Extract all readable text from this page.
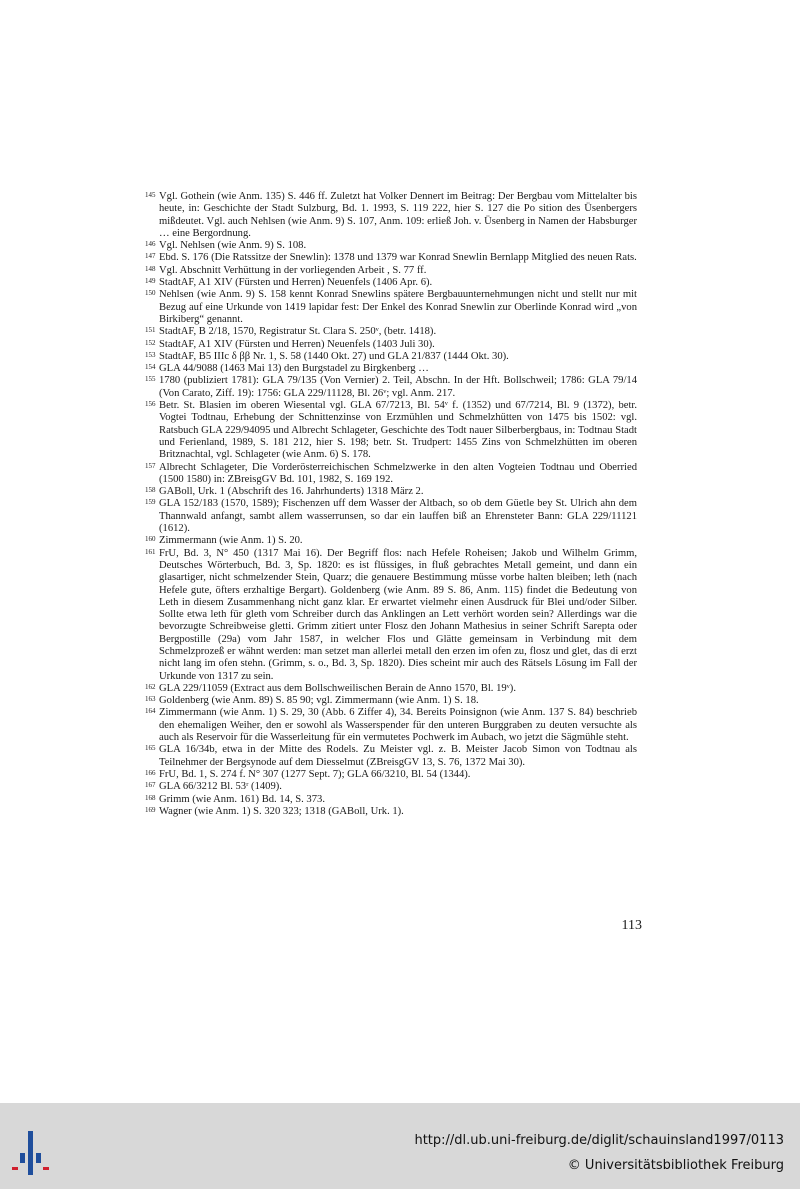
145 Vgl. Gothein (wie Anm. 135) S. 446 ff. Zuletzt hat Volker Dennert im Beitrag: Der Bergbau vom Mittelalter bis heute, in: Geschichte der Stadt Sulzburg, Bd. 1. 1993, S. 119 222, hier S. 127 die Po sition des Üsenbergers mißdeutet. Vgl. auch Nehlsen (wie Anm. 9) S. 107, Anm. 109: erließ Joh. v. Üsenberg in Namen der Habsburger … eine Bergordnung.

146 Vgl. Nehlsen (wie Anm. 9) S. 108.

147 Ebd. S. 176 (Die Ratssitze der Snewlin): 1378 und 1379 war Konrad Snewlin Bernlapp Mitglied des neuen Rats.

148 Vgl. Abschnitt Verhüttung in der vorliegenden Arbeit , S. 77 ff.

149 StadtAF, A1 XIV (Fürsten und Herren) Neuenfels (1406 Apr. 6).

150 Nehlsen (wie Anm. 9) S. 158 kennt Konrad Snewlins spätere Bergbauunternehmungen nicht und stellt nur mit Bezug auf eine Urkunde von 1419 lapidar fest: Der Enkel des Konrad Snewlin zur Oberlinde Konrad wird „von Birkiberg“ genannt.

151 StadtAF, B 2/18, 1570, Registratur St. Clara S. 250ᵛ, (betr. 1418).

152 StadtAF, A1 XIV (Fürsten und Herren) Neuenfels (1403 Juli 30).

153 StadtAF, B5 IIIc δ ββ Nr. 1, S. 58 (1440 Okt. 27) und GLA 21/837 (1444 Okt. 30).

154 GLA 44/9088 (1463 Mai 13) den Burgstadel zu Birgkenberg …

155 1780 (publiziert 1781): GLA 79/135 (Von Vernier) 2. Teil, Abschn. In der Hft. Bollschweil; 1786: GLA 79/14 (Von Carato, Ziff. 19): 1756: GLA 229/11128, Bl. 26ᵛ; vgl. Anm. 217.

156 Betr. St. Blasien im oberen Wiesental vgl. GLA 67/7213, Bl. 54ᵛ f. (1352) und 67/7214, Bl. 9 (1372), betr. Vogtei Todtnau, Erhebung der Schnittenzinse von Erzmühlen und Schmelzhütten von 1475 bis 1502: vgl. Ratsbuch GLA 229/94095 und Albrecht Schlageter, Geschichte des Todt nauer Silberbergbaus, in: Todtnau Stadt und Ferienland, 1989, S. 181 212, hier S. 198; betr. St. Trudpert: 1455 Zins von Schmelzhütten im oberen Britznachtal, vgl. Schlageter (wie Anm. 6) S. 178.

157 Albrecht Schlageter, Die Vorderösterreichischen Schmelzwerke in den alten Vogteien Todtnau und Oberried (1500 1580) in: ZBreisgGV Bd. 101, 1982, S. 169 192.

158 GABoll, Urk. 1 (Abschrift des 16. Jahrhunderts) 1318 März 2.

159 GLA 152/183 (1570, 1589); Fischenzen uff dem Wasser der Altbach, so ob dem Güetle bey St. Ulrich ahn dem Thannwald anfangt, sambt allem wasserrunsen, so dar ein lauffen biß an Ehrensteter Bann: GLA 229/11121 (1612).

160 Zimmermann (wie Anm. 1) S. 20.

161 FrU, Bd. 3, N° 450 (1317 Mai 16). Der Begriff flos: nach Hefele Roheisen; Jakob und Wilhelm Grimm, Deutsches Wörterbuch, Bd. 3, Sp. 1820: es ist flüssiges, in fluß gebrachtes Metall gemeint, und dann ein glasartiger, nicht schmelzender Stein, Quarz; die genauere Bestimmung müsse vorbe halten bleiben; leth (nach Hefele gute, öfters erzhaltige Bergart). Goldenberg (wie Anm. 89 S. 86, Anm. 115) findet die Bedeutung von Leth in diesem Zusammenhang nicht ganz klar. Er erwartet vielmehr einen Ausdruck für Blei und/oder Silber. Sollte etwa leth für gleth vom Schreiber durch das Anklingen an Lett verhört worden sein? Allerdings war die bevorzugte Schreibweise gletti. Grimm zitiert unter Flosz den Johann Mathesius in seiner Schrift Sarepta oder Bergpostille (29a) vom Jahr 1587, in welcher Flos und Glätte gemeinsam in Verbindung mit dem Schmelzprozeß er wähnt werden: man setzet man allerlei metall den erzen im ofen zu, flosz und glet, das di erzt nicht lang im ofen stehn. (Grimm, s. o., Bd. 3, Sp. 1820). Dies scheint mir auch des Rätsels Lösung im Fall der Urkunde von 1317 zu sein.

162 GLA 229/11059 (Extract aus dem Bollschweilischen Berain de Anno 1570, Bl. 19ᵛ).

163 Goldenberg (wie Anm. 89) S. 85 90; vgl. Zimmermann (wie Anm. 1) S. 18.

164 Zimmermann (wie Anm. 1) S. 29, 30 (Abb. 6 Ziffer 4), 34. Bereits Poinsignon (wie Anm. 137 S. 84) beschrieb den ehemaligen Weiher, den er sowohl als Wasserspender für den unteren Burggraben zu deuten versuchte als auch als Reservoir für die Wasserleitung für ein vermutetes Pochwerk im Aubach, wo jetzt die Sägmühle steht.

165 GLA 16/34b, etwa in der Mitte des Rodels. Zu Meister vgl. z. B. Meister Jacob Simon von Todtnau als Teilnehmer der Bergsynode auf dem Diesselmut (ZBreisgGV 13, S. 76, 1372 Mai 30).

166 FrU, Bd. 1, S. 274 f. N° 307 (1277 Sept. 7); GLA 66/3210, Bl. 54 (1344).

167 GLA 66/3212 Bl. 53ʳ (1409).

168 Grimm (wie Anm. 161) Bd. 14, S. 373.

169 Wagner (wie Anm. 1) S. 320 323; 1318 (GABoll, Urk. 1).

113
http://dl.ub.uni-freiburg.de/diglit/schauinsland1997/0113
© Universitätsbibliothek Freiburg
